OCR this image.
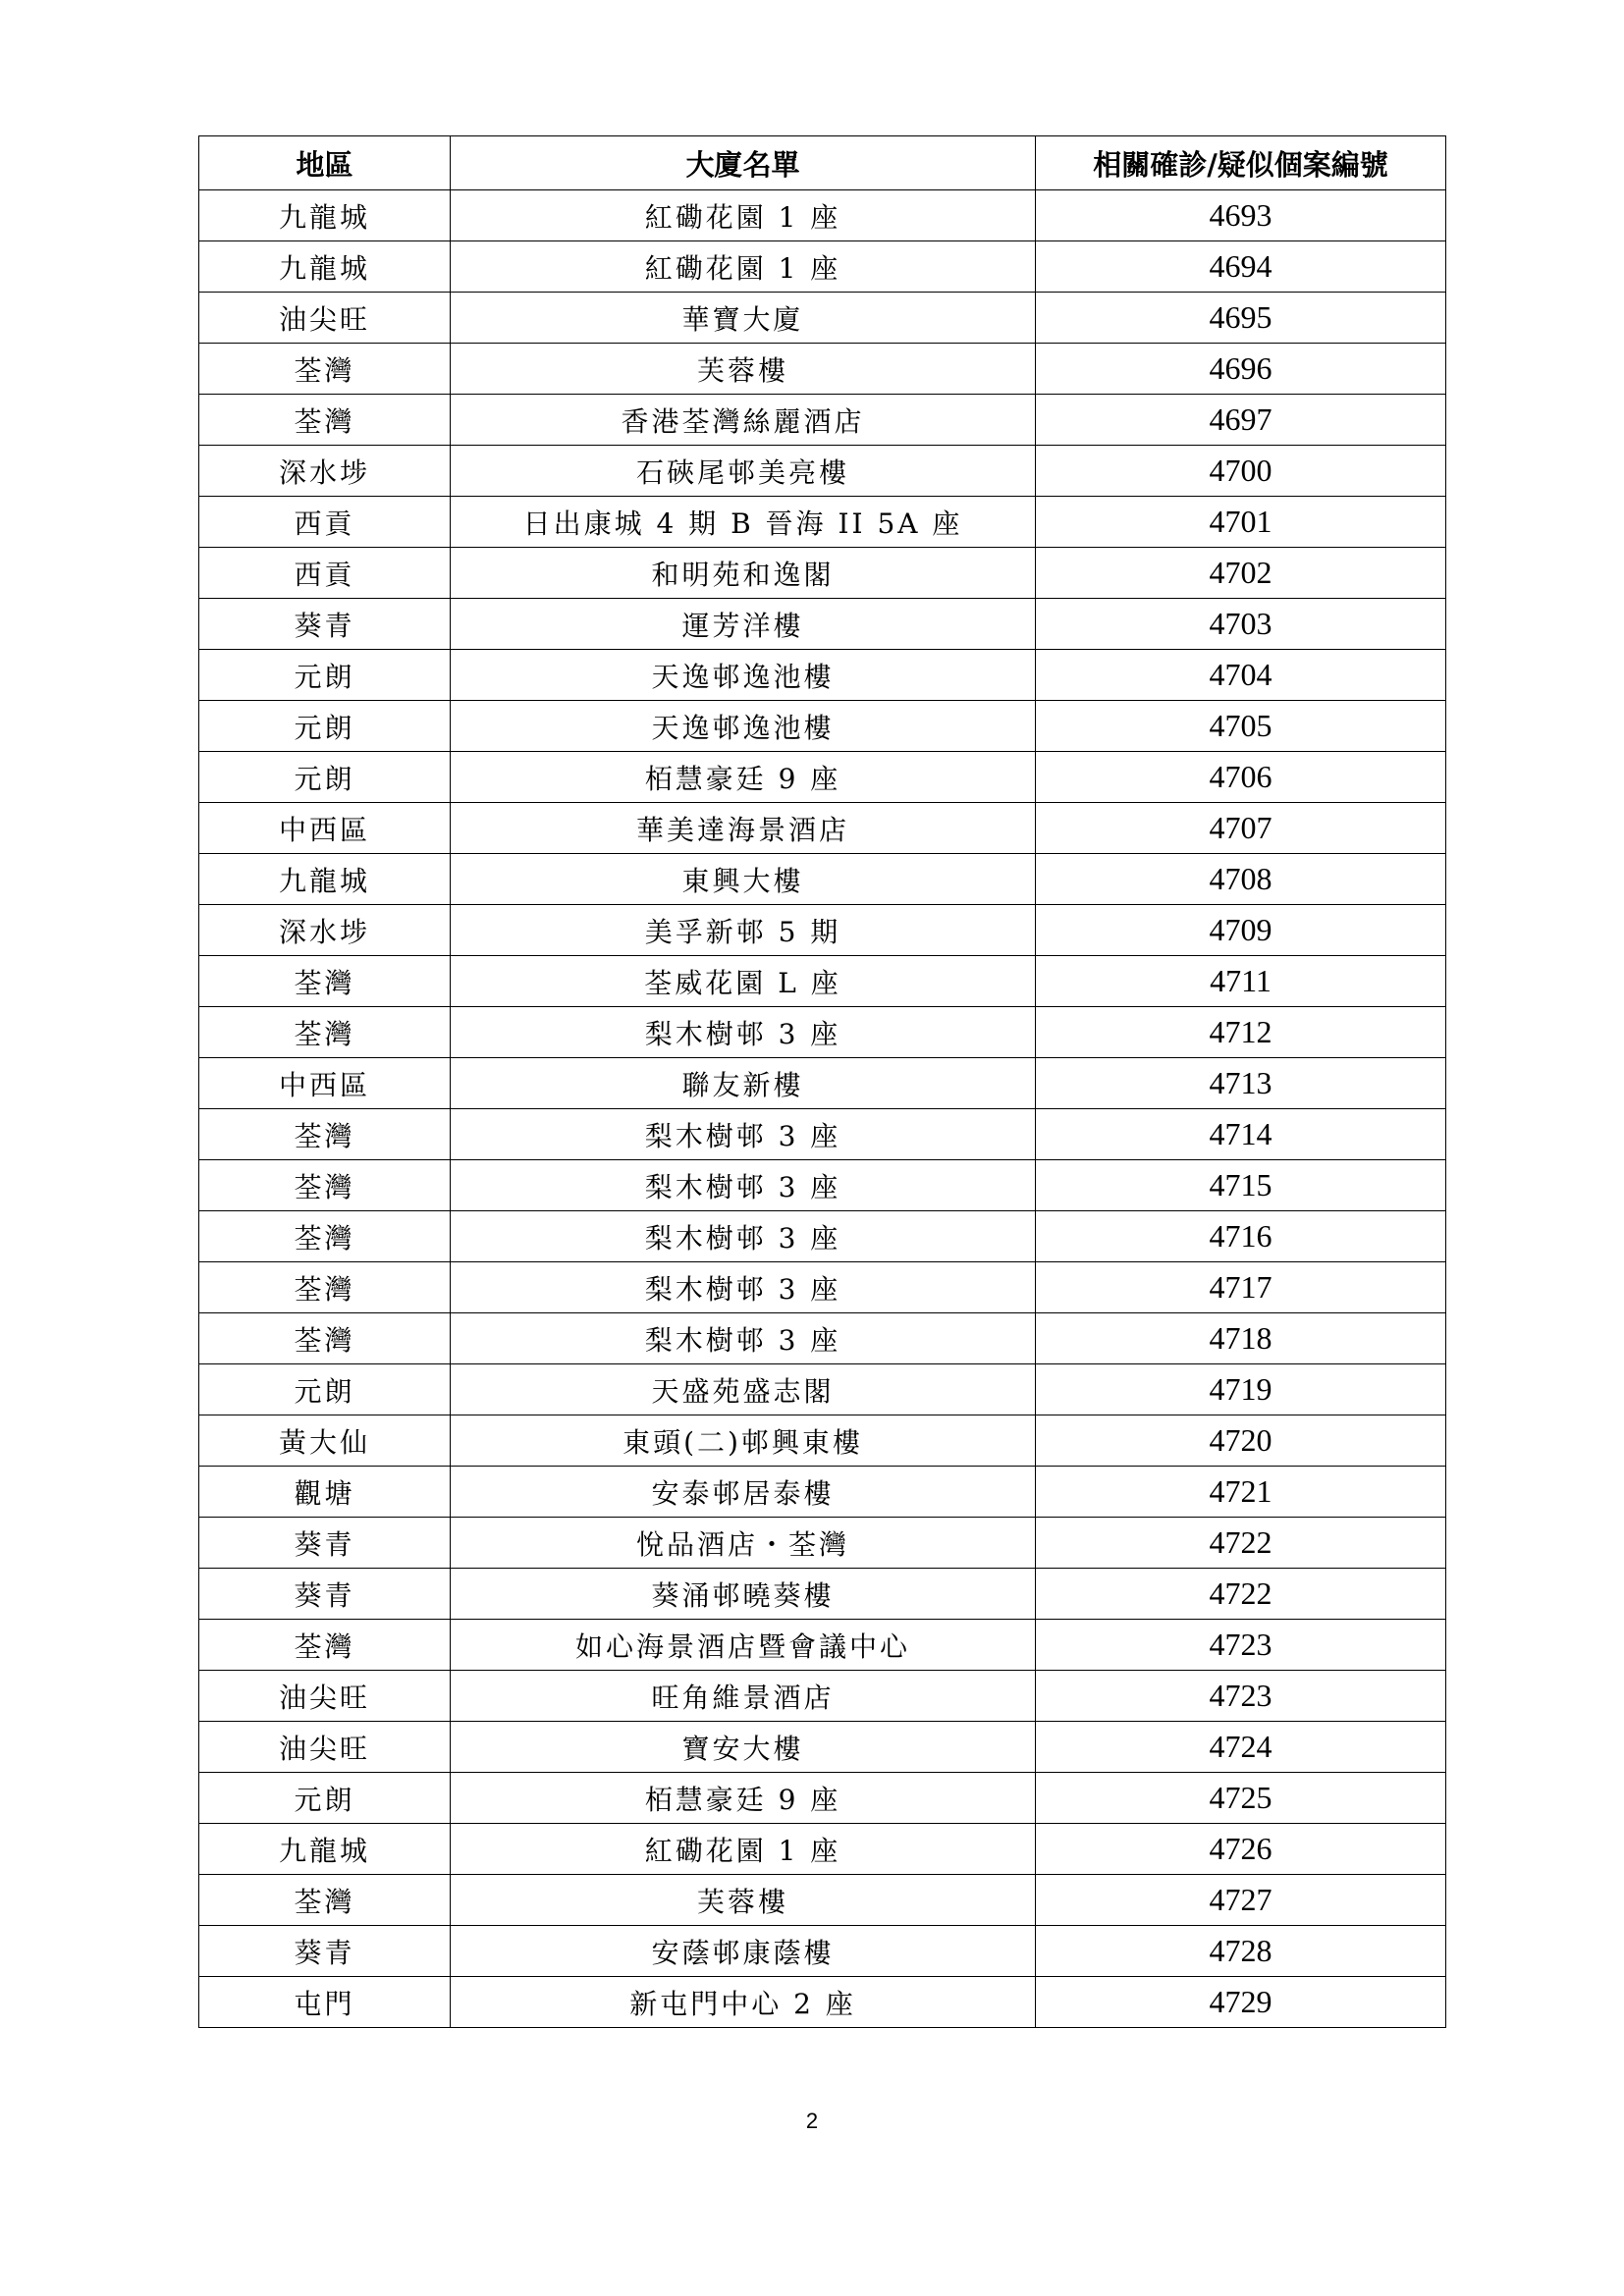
地區	大廈名單	相關確診/疑似個案編號
九龍城	紅磡花園 1 座	4693
九龍城	紅磡花園 1 座	4694
油尖旺	華寶大廈	4695
荃灣	芙蓉樓	4696
荃灣	香港荃灣絲麗酒店	4697
深水埗	石硤尾邨美亮樓	4700
西貢	日出康城 4 期 B 晉海 II 5A 座	4701
西貢	和明苑和逸閣	4702
葵青	運芳洋樓	4703
元朗	天逸邨逸池樓	4704
元朗	天逸邨逸池樓	4705
元朗	栢慧豪廷 9 座	4706
中西區	華美達海景酒店	4707
九龍城	東興大樓	4708
深水埗	美孚新邨 5 期	4709
荃灣	荃威花園 L 座	4711
荃灣	梨木樹邨 3 座	4712
中西區	聯友新樓	4713
荃灣	梨木樹邨 3 座	4714
荃灣	梨木樹邨 3 座	4715
荃灣	梨木樹邨 3 座	4716
荃灣	梨木樹邨 3 座	4717
荃灣	梨木樹邨 3 座	4718
元朗	天盛苑盛志閣	4719
黃大仙	東頭(二)邨興東樓	4720
觀塘	安泰邨居泰樓	4721
葵青	悅品酒店・荃灣	4722
葵青	葵涌邨曉葵樓	4722
荃灣	如心海景酒店暨會議中心	4723
油尖旺	旺角維景酒店	4723
油尖旺	寶安大樓	4724
元朗	栢慧豪廷 9 座	4725
九龍城	紅磡花園 1 座	4726
荃灣	芙蓉樓	4727
葵青	安蔭邨康蔭樓	4728
屯門	新屯門中心 2 座	4729
2
